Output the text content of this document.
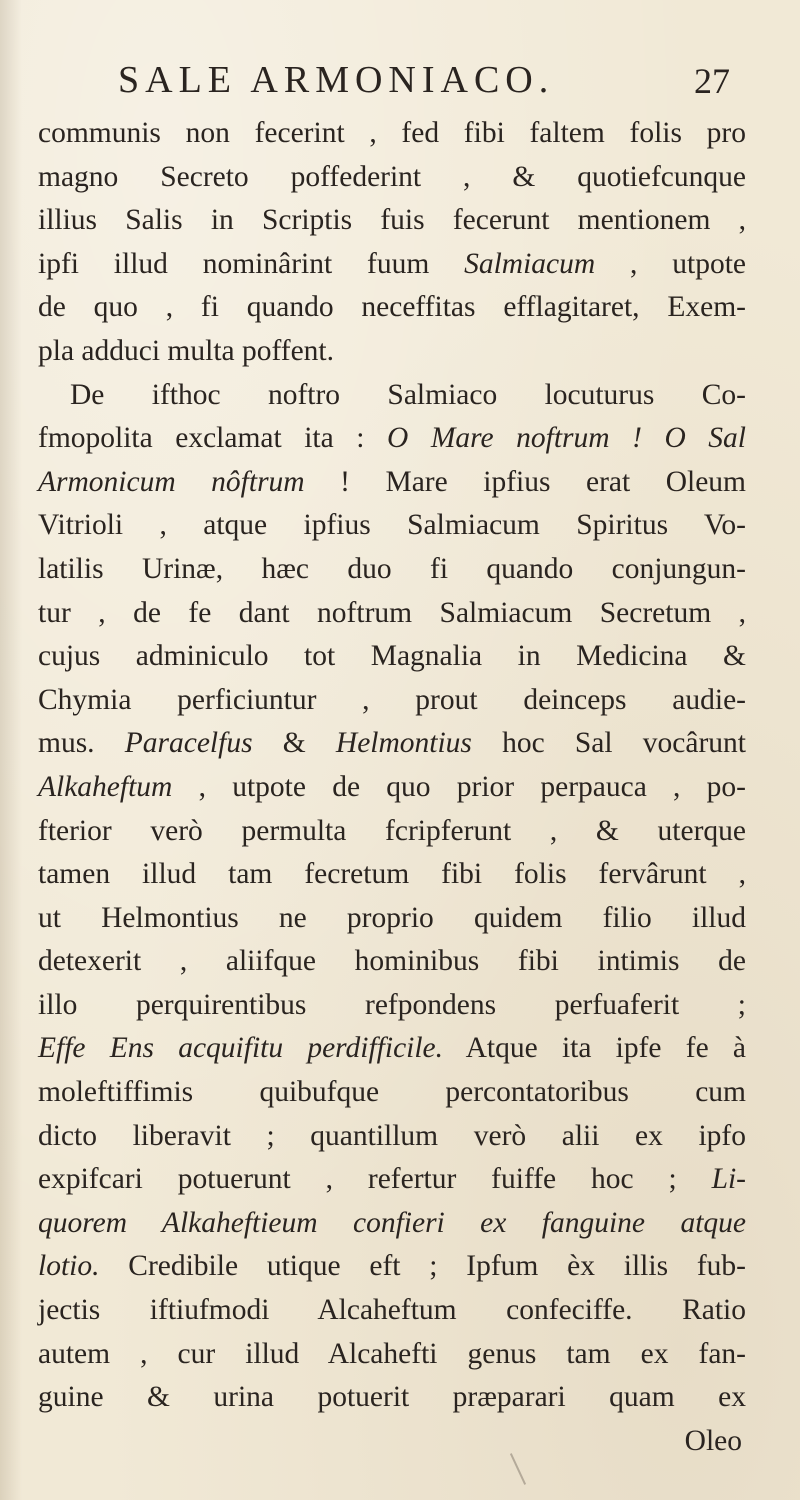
SALE ARMONIACO.	27
communis non fecerint , fed fibi faltem folis pro
magno Secreto poffederint , & quotiefcunque
illius Salis in Scriptis fuis fecerunt mentionem ,
ipfi illud nominârint fuum Salmiacum , utpote
de quo , fi quando neceffitas efflagitaret, Exem-
pla adduci multa poffent.
De ifthoc noftro Salmiaco locuturus Co-
fmopolita exclamat ita : O Mare noftrum ! O Sal
Armonicum nôftrum ! Mare ipfius erat Oleum
Vitrioli , atque ipfius Salmiacum Spiritus Vo-
latilis Urinæ, hæc duo fi quando conjungun-
tur , de fe dant noftrum Salmiacum Secretum ,
cujus adminiculo tot Magnalia in Medicina &
Chymia perficiuntur , prout deinceps audie-
mus. Paracelfus & Helmontius hoc Sal vocârunt
Alkaheftum , utpote de quo prior perpauca , po-
fterior verò permulta fcripferunt , & uterque
tamen illud tam fecretum fibi folis fervârunt ,
ut Helmontius ne proprio quidem filio illud
detexerit , aliifque hominibus fibi intimis de
illo perquirentibus refpondens perfuaferit ;
Effe Ens acquifitu perdifficile. Atque ita ipfe fe à
moleftiffimis quibufque percontatoribus cum
dicto liberavit ; quantillum verò alii ex ipfo
expifcari potuerunt , refertur fuiffe hoc ; Li-
quorem Alkaheftieum confieri ex fanguine atque
lotio. Credibile utique eft ; Ipfum èx illis fub-
jectis iftiufmodi Alcaheftum confeciffe. Ratio
autem , cur illud Alcahefti genus tam ex fan-
guine & urina potuerit præparari quam ex
Oleo
